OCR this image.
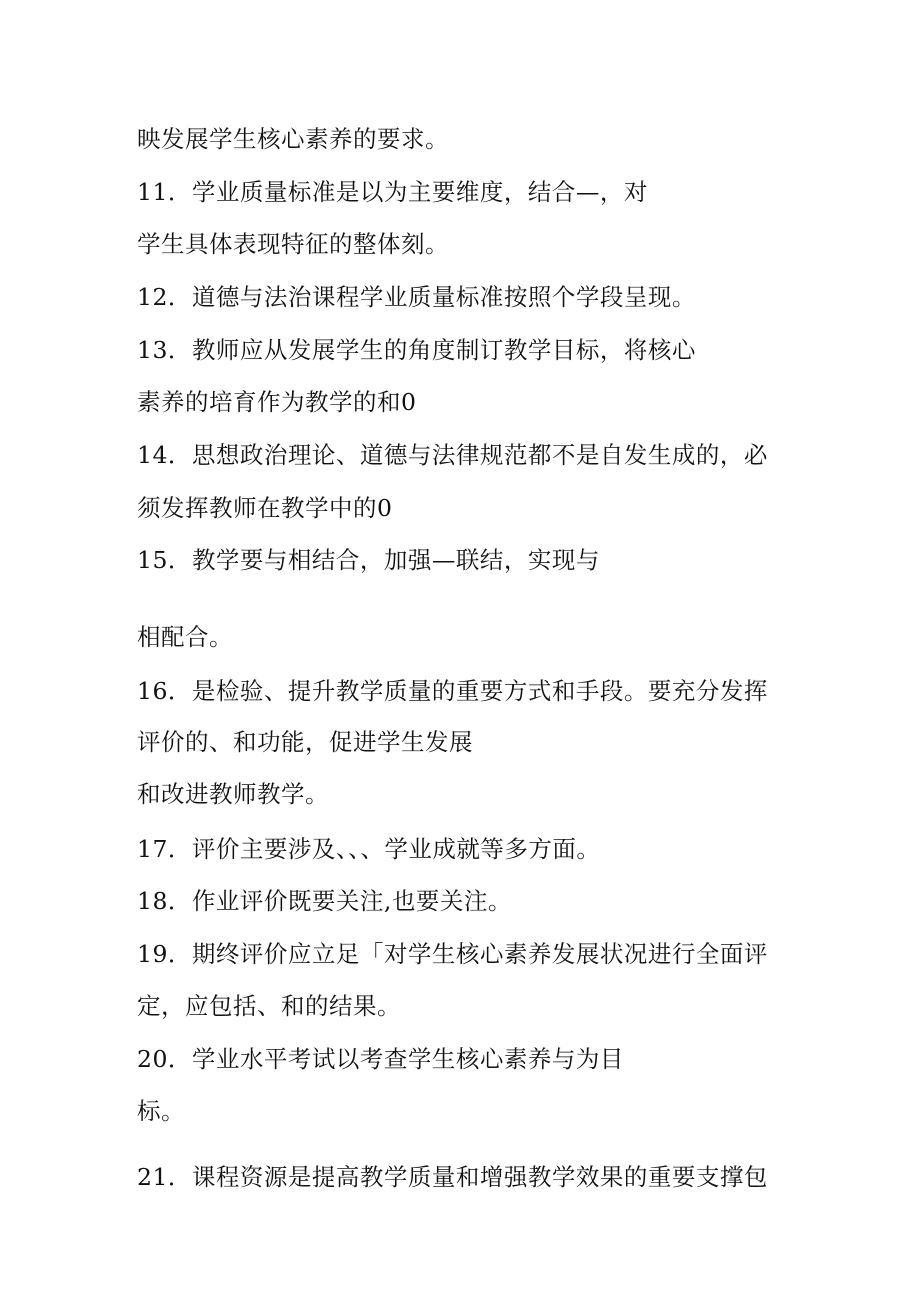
映发展学生核心素养的要求。
11．学业质量标准是以为主要维度，结合—，对
学生具体表现特征的整体刻。
12．道德与法治课程学业质量标准按照个学段呈现。
13．教师应从发展学生的角度制订教学目标，将核心
素养的培育作为教学的和0
14．思想政治理论、道德与法律规范都不是自发生成的，必
须发挥教师在教学中的0
15．教学要与相结合，加强—联结，实现与
相配合。
16．是检验、提升教学质量的重要方式和手段。要充分发挥
评价的、和功能，促进学生发展
和改进教师教学。
17．评价主要涉及、、、学业成就等多方面。
18．作业评价既要关注,也要关注。
19．期终评价应立足「对学生核心素养发展状况进行全面评
定，应包括、和的结果。
20．学业水平考试以考查学生核心素养与为目
标。
21．课程资源是提高教学质量和增强教学效果的重要支撑包
